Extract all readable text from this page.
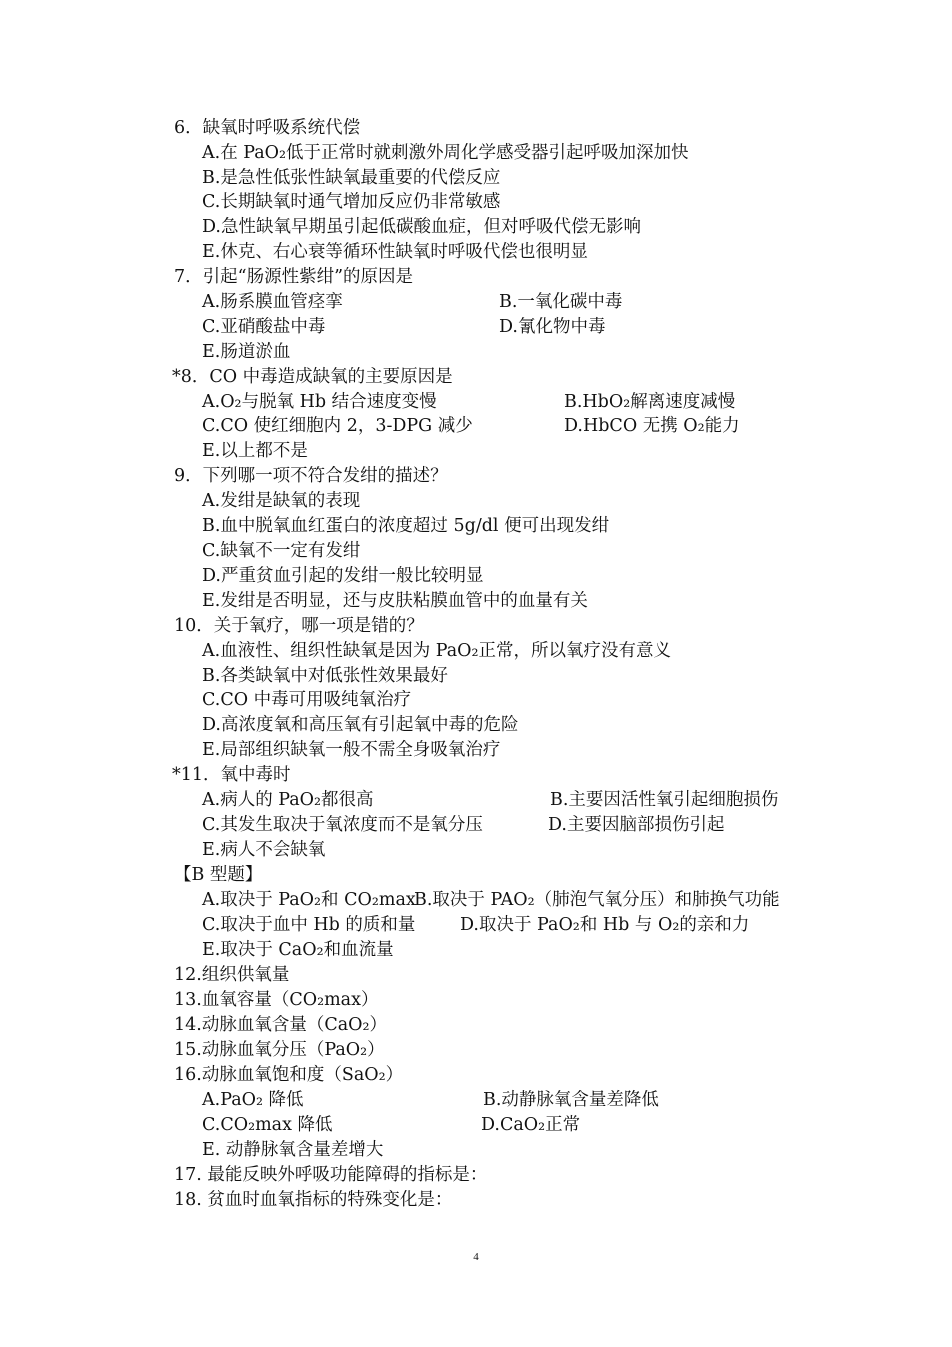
6．缺氧时呼吸系统代偿
A.在 PaO₂低于正常时就刺激外周化学感受器引起呼吸加深加快
B.是急性低张性缺氧最重要的代偿反应
C.长期缺氧时通气增加反应仍非常敏感
D.急性缺氧早期虽引起低碳酸血症，但对呼吸代偿无影响
E.休克、右心衰等循环性缺氧时呼吸代偿也很明显
7．引起“肠源性紫绀”的原因是
A.肠系膜血管痉挛	B.一氧化碳中毒
C.亚硝酸盐中毒	D.氰化物中毒
E.肠道淤血
*8．CO 中毒造成缺氧的主要原因是
A.O₂与脱氧 Hb 结合速度变慢	B.HbO₂解离速度减慢
C.CO 使红细胞内 2，3-DPG 减少	D.HbCO 无携 O₂能力
E.以上都不是
9．下列哪一项不符合发绀的描述？
A.发绀是缺氧的表现
B.血中脱氧血红蛋白的浓度超过 5g/dl 便可出现发绀
C.缺氧不一定有发绀
D.严重贫血引起的发绀一般比较明显
E.发绀是否明显，还与皮肤粘膜血管中的血量有关
10．关于氧疗，哪一项是错的？
A.血液性、组织性缺氧是因为 PaO₂正常，所以氧疗没有意义
B.各类缺氧中对低张性效果最好
C.CO 中毒可用吸纯氧治疗
D.高浓度氧和高压氧有引起氧中毒的危险
E.局部组织缺氧一般不需全身吸氧治疗
*11．氧中毒时
A.病人的 PaO₂都很高	B.主要因活性氧引起细胞损伤
C.其发生取决于氧浓度而不是氧分压	D.主要因脑部损伤引起
E.病人不会缺氧
【B 型题】
A.取决于 PaO₂和 CO₂max
B.取决于 PAO₂（肺泡气氧分压）和肺换气功能
C.取决于血中 Hb 的质和量	D.取决于 PaO₂和 Hb 与 O₂的亲和力
E.取决于 CaO₂和血流量
12.组织供氧量
13.血氧容量（CO₂max）
14.动脉血氧含量（CaO₂）
15.动脉血氧分压（PaO₂）
16.动脉血氧饱和度（SaO₂）
A.PaO₂ 降低	B.动静脉氧含量差降低
C.CO₂max 降低	D.CaO₂正常
E. 动静脉氧含量差增大
17. 最能反映外呼吸功能障碍的指标是：
18. 贫血时血氧指标的特殊变化是：
4
